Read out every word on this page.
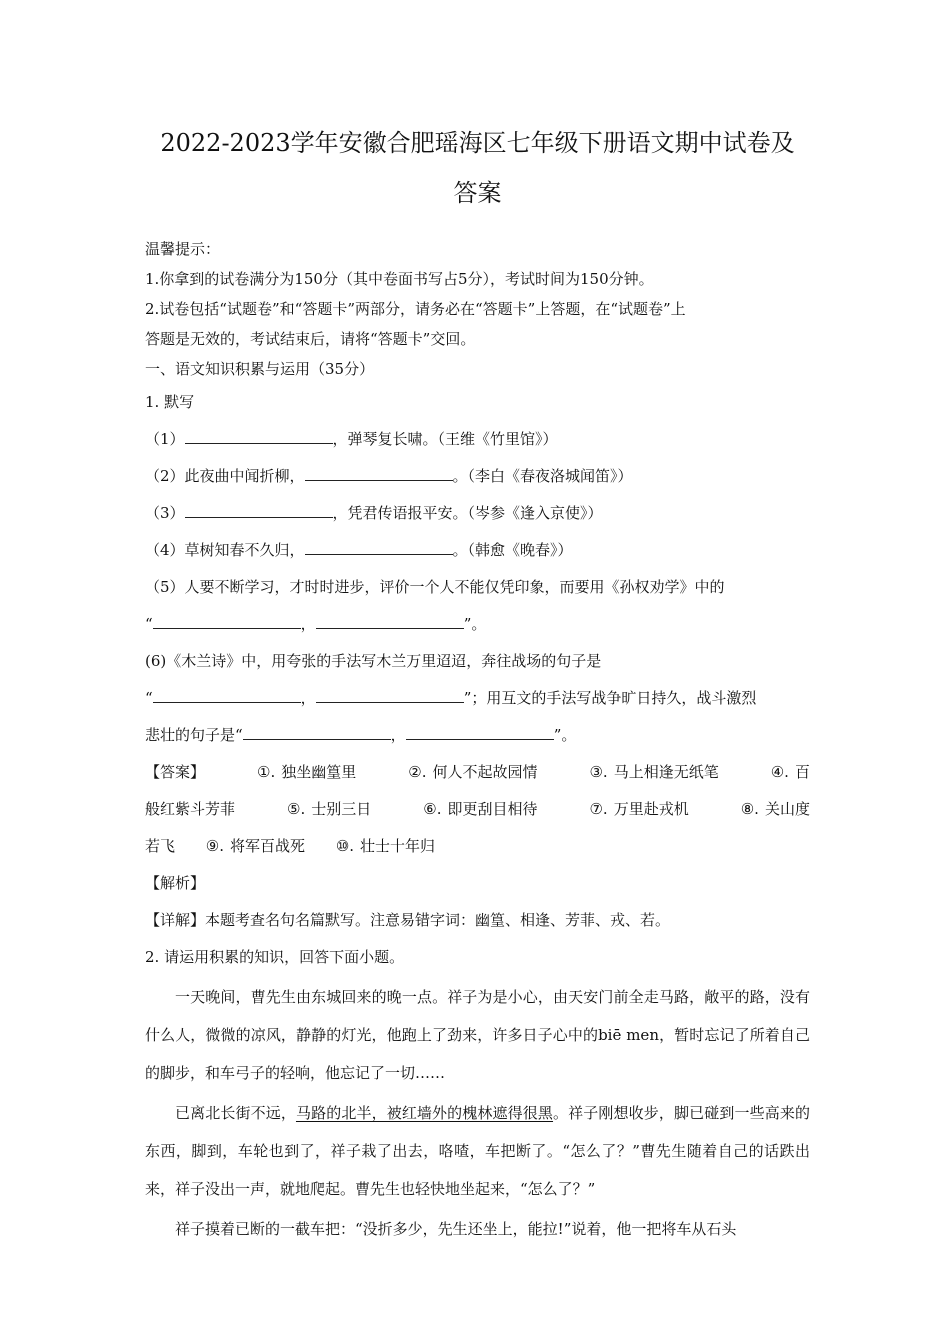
2022-2023学年安徽合肥瑶海区七年级下册语文期中试卷及
答案
温馨提示：
1.你拿到的试卷满分为150分（其中卷面书写占5分），考试时间为150分钟。
2.试卷包括“试题卷”和“答题卡”两部分，请务必在“答题卡”上答题，在“试题卷”上
答题是无效的，考试结束后，请将“答题卡”交回。
一、语文知识积累与运用（35分）
1. 默写
（1）	，弹琴复长啸。（王维《竹里馆》）
（2）此夜曲中闻折柳，	。（李白《春夜洛城闻笛》）
（3）	，凭君传语报平安。（岑参《逢入京使》）
（4）草树知春不久归，	。（韩愈《晚春》）
（5）人要不断学习，才时时进步，评价一个人不能仅凭印象，而要用《孙权劝学》中的
“	，	”。
(6)《木兰诗》中，用夸张的手法写木兰万里迢迢，奔往战场的句子是
“	，	”；用互文的手法写战争旷日持久，战斗激烈
悲壮的句子是“	，	”。
【答案】	①. 独坐幽篁里	②. 何人不起故园情	③. 马上相逢无纸笔	④. 百
般红紫斗芳菲	⑤. 士别三日	⑥. 即更刮目相待	⑦. 万里赴戎机	⑧. 关山度
若飞 ⑨. 将军百战死 ⑩. 壮士十年归
【解析】
【详解】本题考查名句名篇默写。注意易错字词：幽篁、相逢、芳菲、戎、若。
2. 请运用积累的知识，回答下面小题。
一天晚间，曹先生由东城回来的晚一点。祥子为是小心，由天安门前全走马路，敞平的路，没有什么人，微微的凉风，静静的灯光，他跑上了劲来，许多日子心中的biē men，暂时忘记了所着自己的脚步，和车弓子的轻响，他忘记了一切……
已离北长街不远，马路的北半，被红墙外的槐林遮得很黑。祥子刚想收步，脚已碰到一些高来的东西，脚到，车轮也到了，祥子栽了出去，咯喳，车把断了。“怎么了？”曹先生随着自己的话跌出来，祥子没出一声，就地爬起。曹先生也轻快地坐起来，“怎么了？”
祥子摸着已断的一截车把：“没折多少，先生还坐上，能拉!”说着，他一把将车从石头
